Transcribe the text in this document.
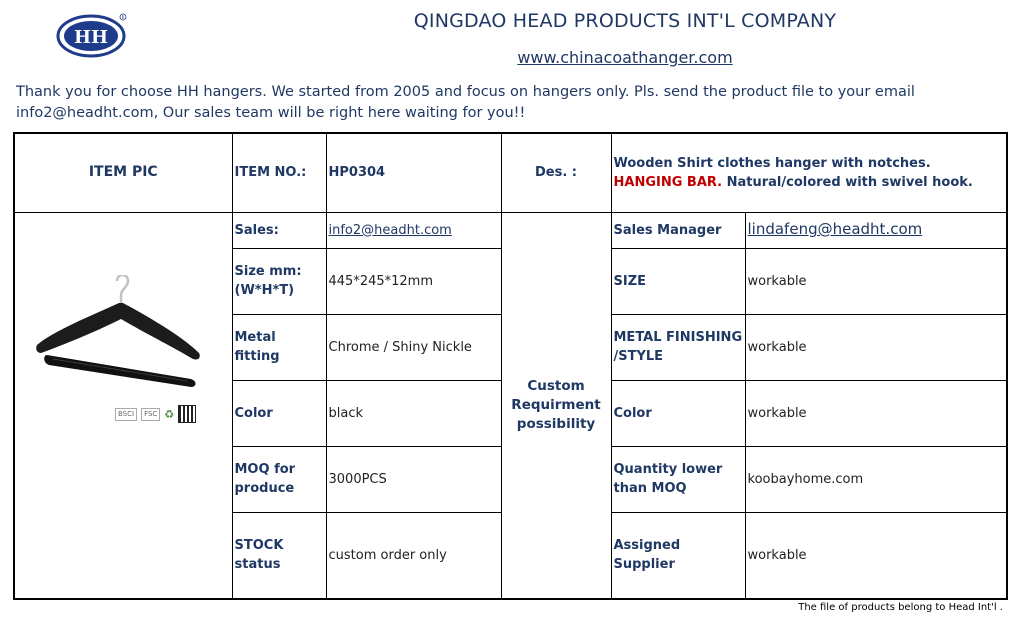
HH
R	QINGDAO HEAD PRODUCTS INT'L COMPANY
www.chinacoathanger.com
Thank you for choose HH hangers. We started from 2005 and focus on hangers only. Pls. send the product file to your email info2@headht.com, Our sales team will be right here waiting for you!!
ITEM PIC	ITEM NO.:	HP0304	Des. :	Wooden Shirt clothes hanger with notches. HANGING BAR. Natural/colored with swivel hook.	

BSCI FSC ♻	Sales:	info2@headht.com	Custom Requirment possibility	Sales Manager	lindafeng@headht.com
	Size mm: (W*H*T)	445*245*12mm		SIZE	workable
	Metal fitting	Chrome / Shiny Nickle		METAL FINISHING /STYLE	workable
	Color	black		Color	workable
	MOQ for produce	3000PCS		Quantity lower than MOQ	koobayhome.com
	STOCK status	custom order only		Assigned Supplier	workable
The file of products belong to Head Int'l .
